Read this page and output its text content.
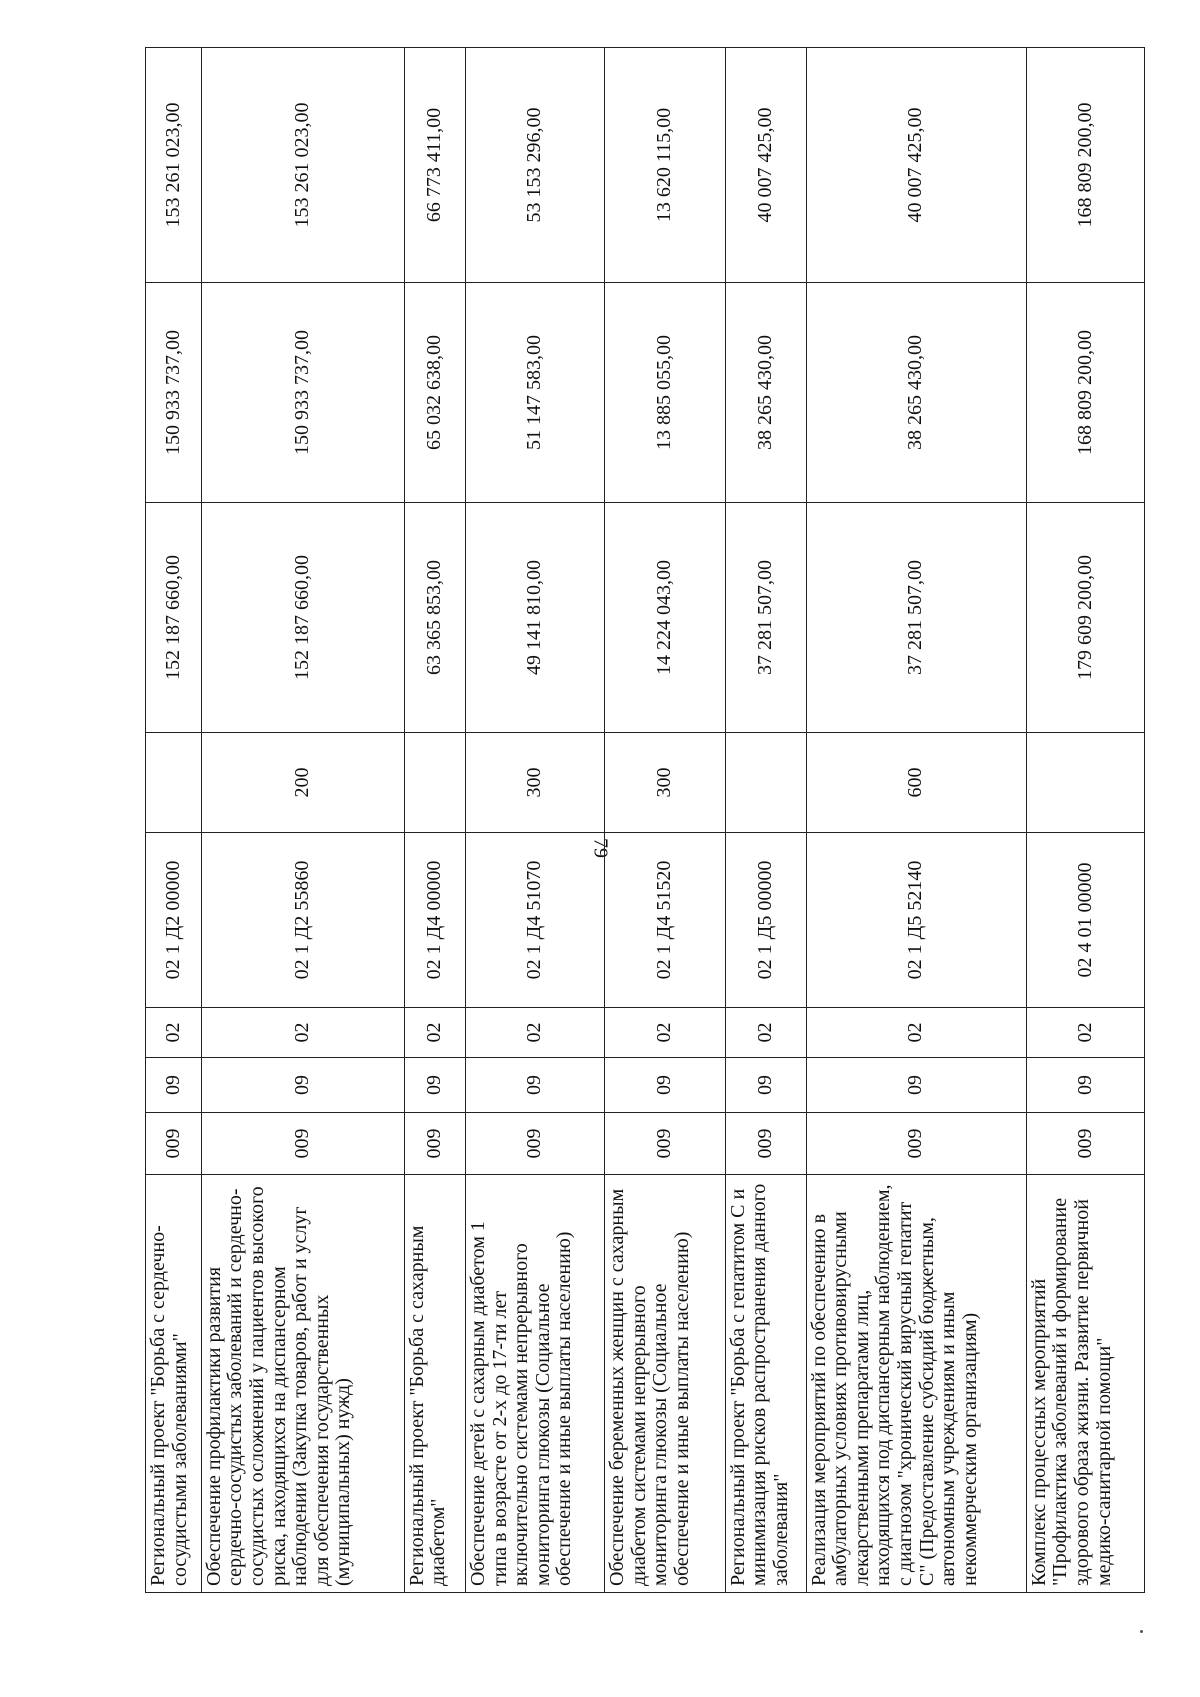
79
Региональный проект "Борьба с сердечно-сосудистыми заболеваниями"	009	09	02	02 1 Д2 00000		152 187 660,00	150 933 737,00	153 261 023,00
Обеспечение профилактики развития сердечно-сосудистых заболеваний и сердечно-сосудистых осложнений у пациентов высокого риска, находящихся на диспансерном наблюдении (Закупка товаров, работ и услуг для обеспечения государственных (муниципальных) нужд)	009	09	02	02 1 Д2 55860	200	152 187 660,00	150 933 737,00	153 261 023,00
Региональный проект "Борьба с сахарным диабетом"	009	09	02	02 1 Д4 00000		63 365 853,00	65 032 638,00	66 773 411,00
Обеспечение детей с сахарным диабетом 1 типа в возрасте от 2-х до 17-ти лет включительно системами непрерывного мониторинга глюкозы (Социальное обеспечение и иные выплаты населению)	009	09	02	02 1 Д4 51070	300	49 141 810,00	51 147 583,00	53 153 296,00
Обеспечение беременных женщин с сахарным диабетом системами непрерывного мониторинга глюкозы (Социальное обеспечение и иные выплаты населению)	009	09	02	02 1 Д4 51520	300	14 224 043,00	13 885 055,00	13 620 115,00
Региональный проект "Борьба с гепатитом С и минимизация рисков распространения данного заболевания"	009	09	02	02 1 Д5 00000		37 281 507,00	38 265 430,00	40 007 425,00
Реализация мероприятий по обеспечению в амбулаторных условиях противовирусными лекарственными препаратами лиц, находящихся под диспансерным наблюдением, с диагнозом "хронический вирусный гепатит С" (Предоставление субсидий бюджетным, автономным учреждениям и иным некоммерческим организациям)	009	09	02	02 1 Д5 52140	600	37 281 507,00	38 265 430,00	40 007 425,00
Комплекс процессных мероприятий "Профилактика заболеваний и формирование здорового образа жизни. Развитие первичной медико-санитарной помощи"	009	09	02	02 4 01 00000		179 609 200,00	168 809 200,00	168 809 200,00
